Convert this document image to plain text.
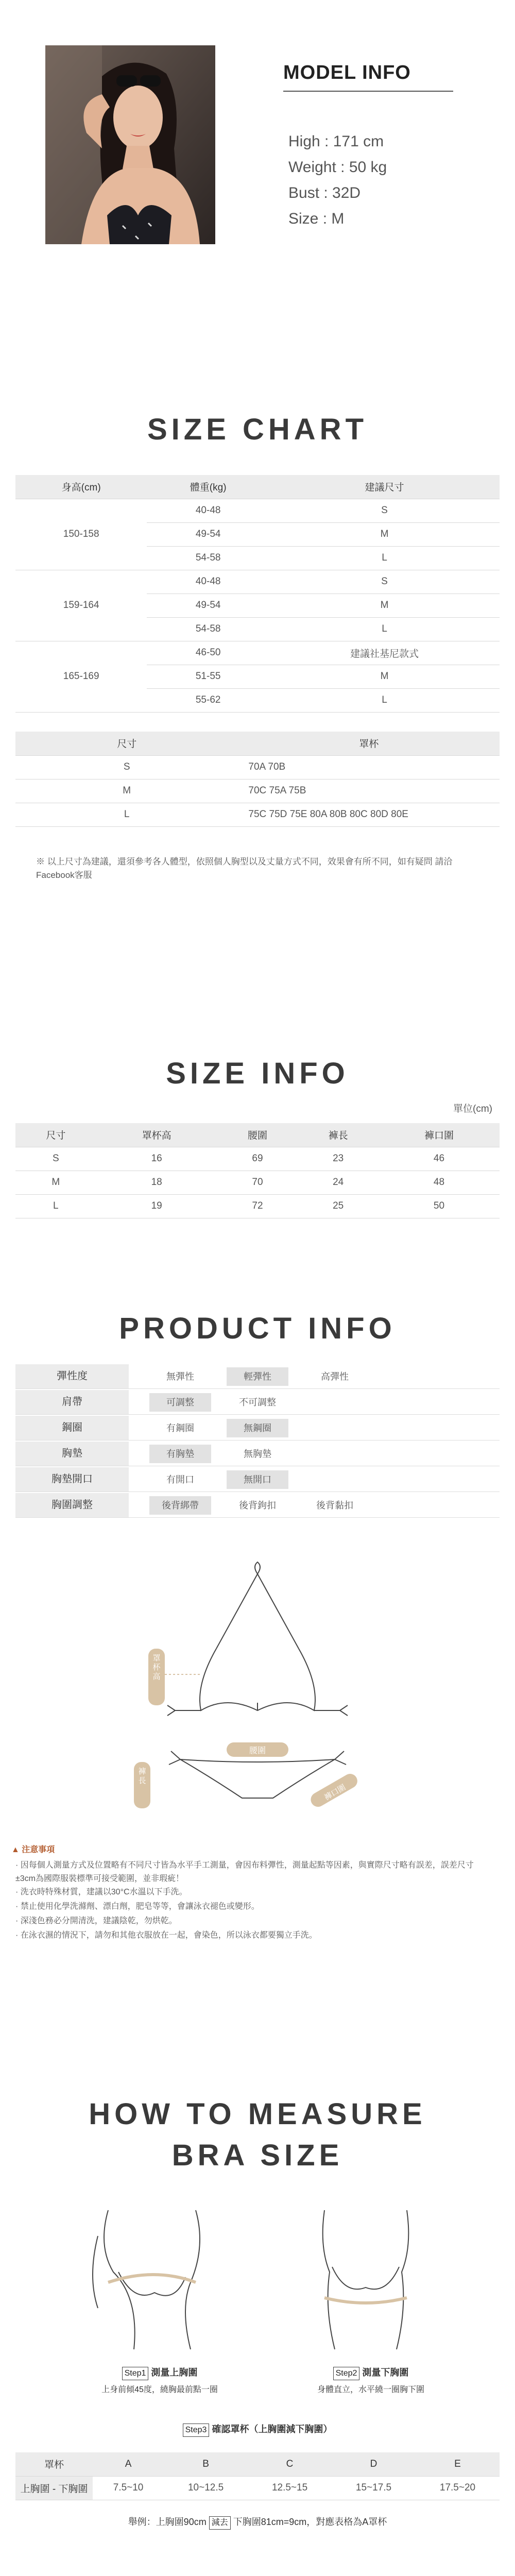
MODEL INFO
High : 171 cm
Weight : 50 kg
Bust : 32D
Size : M
SIZE CHART
身高(cm)	體重(kg)	建議尺寸
150-158	40-48	S
	49-54	M
	54-58	L
159-164	40-48	S
	49-54	M
	54-58	L
165-169	46-50	建議社基尼款式
	51-55	M
	55-62	L
尺寸	罩杯
S	70A 70B
M	70C 75A 75B
L	75C 75D 75E 80A 80B 80C 80D 80E
※ 以上尺寸為建議，還須參考各人體型，依照個人胸型以及丈量方式不同，效果會有所不同，如有疑問 請洽Facebook客服
SIZE INFO
單位(cm)
尺寸	罩杯高	腰圍	褲長	褲口圍
S	16	69	23	46
M	18	70	24	48
L	19	72	25	50
PRODUCT INFO
彈性度	無彈性	輕彈性	高彈性
肩帶	可調整	不可調整
鋼圈	有鋼圈	無鋼圈
胸墊	有胸墊	無胸墊
胸墊開口	有開口	無開口
胸圍調整	後背綁帶	後背鉤扣	後背黏扣
罩杯高
腰圍
褲長
褲口圍
▲ 注意事項
· 因每個人測量方式及位置略有不同尺寸皆為水平手工測量，會因布料彈性，測量起點等因素，與實際尺寸略有誤差，誤差尺寸±3cm為國際服裝標準可接受範圍，並非瑕疵！
· 洗衣時特殊材質，建議以30°C水溫以下手洗。
· 禁止使用化學洗滌劑、漂白劑，肥皂等等，會讓泳衣褪色或變形。
· 深淺色務必分開清洗，建議陰乾，勿烘乾。
· 在泳衣濕的情況下，請勿和其他衣服放在一起，會染色，所以泳衣都要獨立手洗。
HOW TO MEASURE
BRA SIZE
Step1 測量上胸圍
上身前傾45度，繞胸最前點一圈
Step2 測量下胸圍
身體直立，水平繞一圈胸下圍
Step3 確認罩杯（上胸圍減下胸圍）
罩杯	A	B	C	D	E
上胸圍 - 下胸圍	7.5~10	10~12.5	12.5~15	15~17.5	17.5~20
舉例：上胸圍90cm 減去 下胸圍81cm=9cm，對應表格為A罩杯
